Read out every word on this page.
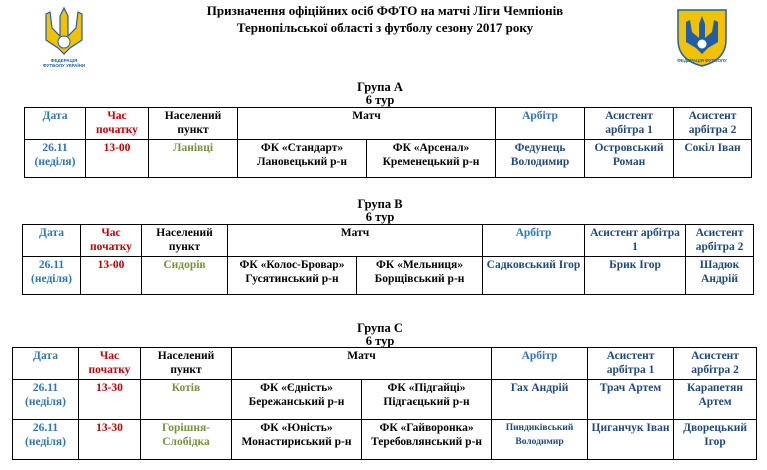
ФЕДЕРАЦІЯ
ФУТБОЛУ УКРАЇНИ
ФЕДЕРАЦІЯ ФУТБОЛУ
Призначення офіційних осіб ФФТО на матчі Ліги Чемпіонів
Тернопільської області з футболу сезону 2017 року
Група А
6 тур
Дата	Час початку	Населений пункт	Матч		Арбітр	Асистент арбітра 1	Асистент арбітра 2
26.11 (неділя)	13-00	Ланівці	ФК «Стандарт» Лановецький р-н	ФК «Арсенал» Кременецький р-н	Федунець Володимир	Островський Роман	Сокіл Іван
Група В
6 тур
Дата	Час початку	Населений пункт	Матч		Арбітр	Асистент арбітра 1	Асистент арбітра 2
26.11 (неділя)	13-00	Сидорів	ФК «Колос-Бровар» Гусятинський р-н	ФК «Мельниця» Борщівський р-н	Садковський Ігор	Брик Ігор	Шадюк Андрій
Група С
6 тур
Дата	Час початку	Населений пункт	Матч		Арбітр	Асистент арбітра 1	Асистент арбітра 2
26.11 (неділя)	13-30	Котів	ФК «Єдність» Бережанський р-н	ФК «Підгайці» Підгаєцький р-н	Гах Андрій	Трач Артем	Карапетян Артем
26.11 (неділя)	13-30	Горішня-Слобідка	ФК «Юність» Монастириський р-н	ФК «Гайворонка» Теребовлянський р-н	Пиндиківський Володимир	Циганчук Іван	Дворецький Ігор
